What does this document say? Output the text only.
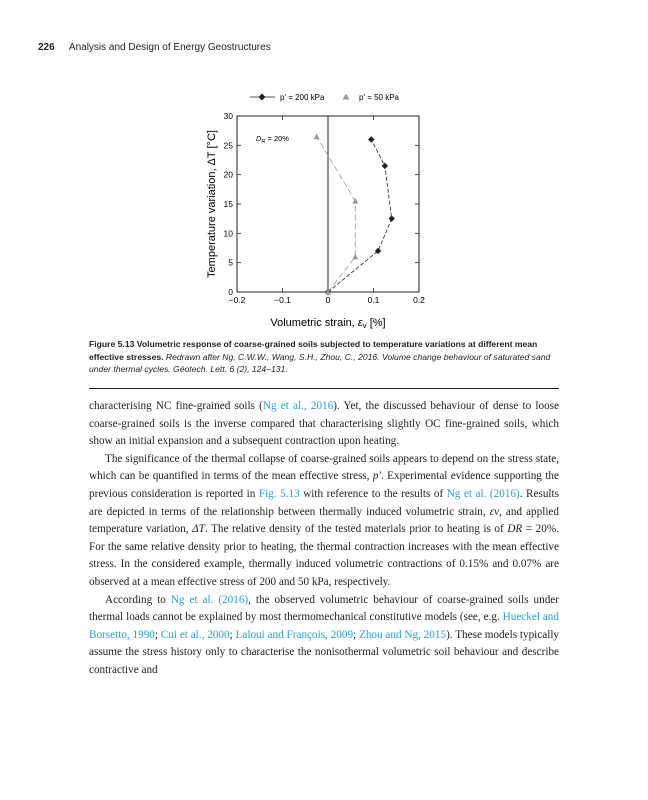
226 Analysis and Design of Energy Geostructures
−0.2	−0.1	0	0.1	0.2
0
5
10
15
20
25
30
p' = 200 kPa	p' = 50 kPa
$D_R = 20\%$
Volumetric strain, εv [%]
Temperature variation, ΔT [°C]
Figure 5.13 Volumetric response of coarse-grained soils subjected to temperature variations at different mean effective stresses. Redrawn after Ng, C.W.W., Wang, S.H., Zhou, C., 2016. Volume change behaviour of saturated sand under thermal cycles. Géotech. Lett. 6 (2), 124–131.

characterising NC fine-grained soils (Ng et al., 2016). Yet, the discussed behaviour of dense to loose coarse-grained soils is the inverse compared that characterising slightly OC fine-grained soils, which show an initial expansion and a subsequent contraction upon heating.

The significance of the thermal collapse of coarse-grained soils appears to depend on the stress state, which can be quantified in terms of the mean effective stress, p′. Experimental evidence supporting the previous consideration is reported in Fig. 5.13 with reference to the results of Ng et al. (2016). Results are depicted in terms of the relationship between thermally induced volumetric strain, εv, and applied temperature variation, ΔT. The relative density of the tested materials prior to heating is of DR = 20%. For the same relative density prior to heating, the thermal contraction increases with the mean effective stress. In the considered example, thermally induced volumetric contractions of 0.15% and 0.07% are observed at a mean effective stress of 200 and 50 kPa, respectively.

According to Ng et al. (2016), the observed volumetric behaviour of coarse-grained soils under thermal loads cannot be explained by most thermomechanical constitutive models (see, e.g. Hueckel and Borsetto, 1990; Cui et al., 2000; Laloui and François, 2009; Zhou and Ng, 2015). These models typically assume the stress history only to characterise the nonisothermal volumetric soil behaviour and describe contractive and
